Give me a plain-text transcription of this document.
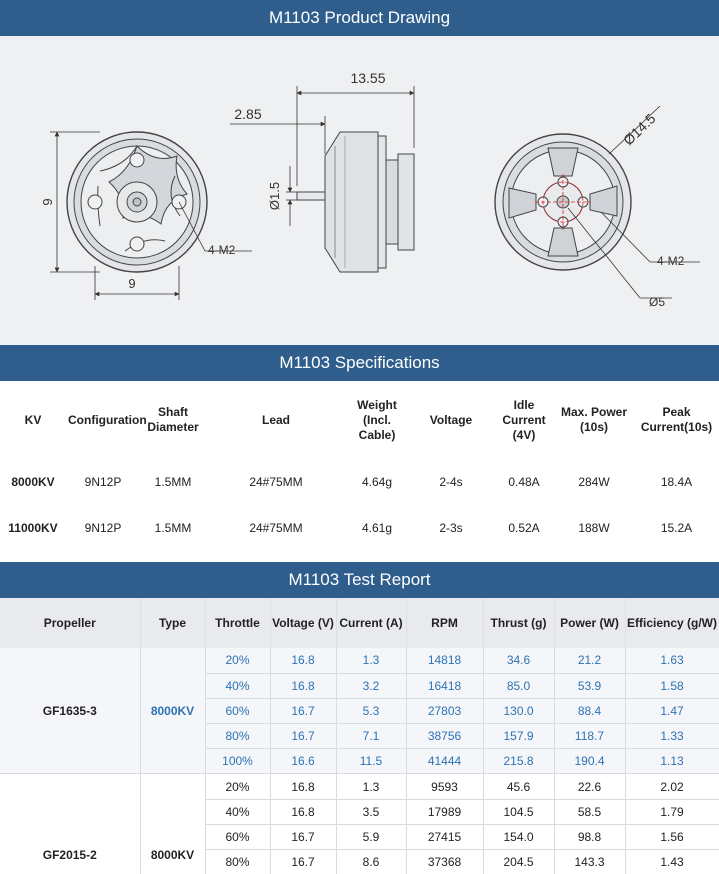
M1103 Product Drawing
9
9
4-M2
13.55
2.85
Ø1.5
Ø14.5
4-M2
Ø5
M1103 Specifications
KV	Configuration	Shaft Diameter	Lead	Weight (Incl. Cable)	Voltage	Idle Current (4V)	Max. Power (10s)	Peak Current(10s)
8000KV	9N12P	1.5MM	24#75MM	4.64g	2-4s	0.48A	284W	18.4A
11000KV	9N12P	1.5MM	24#75MM	4.61g	2-3s	0.52A	188W	15.2A
M1103 Test Report
Propeller	Type	Throttle	Voltage (V)	Current (A)	RPM	Thrust (g)	Power (W)	Efficiency (g/W)
GF1635-3	8000KV	20%	16.8	1.3	14818	34.6	21.2	1.63
		40%	16.8	3.2	16418	85.0	53.9	1.58
		60%	16.7	5.3	27803	130.0	88.4	1.47
		80%	16.7	7.1	38756	157.9	118.7	1.33
		100%	16.6	11.5	41444	215.8	190.4	1.13
GF2015-2	8000KV	20%	16.8	1.3	9593	45.6	22.6	2.02
		40%	16.8	3.5	17989	104.5	58.5	1.79
		60%	16.7	5.9	27415	154.0	98.8	1.56
		80%	16.7	8.6	37368	204.5	143.3	1.43
